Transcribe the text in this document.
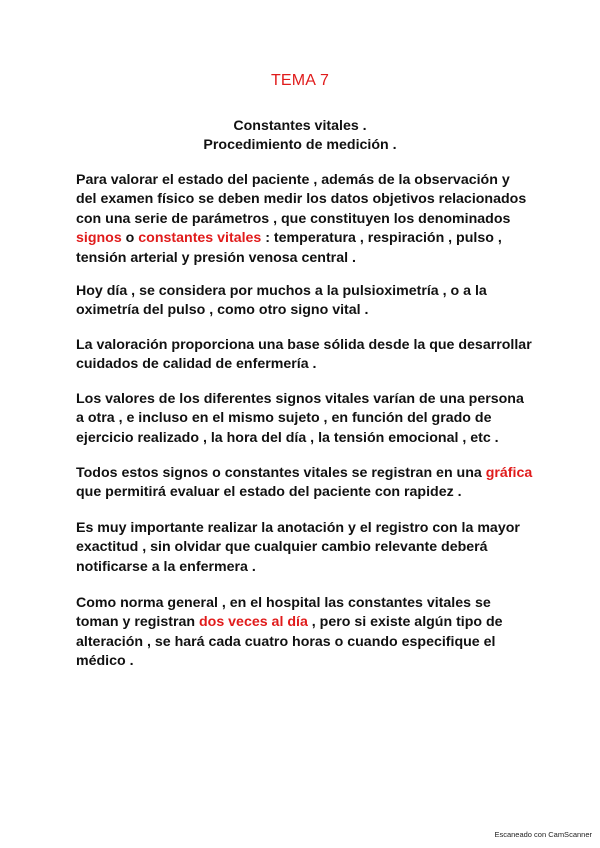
TEMA 7
Constantes vitales .
Procedimiento de medición .
Para valorar el estado del paciente , además de la observación y
del examen físico se deben medir los datos objetivos relacionados
con una serie de parámetros , que constituyen los denominados
signos o constantes vitales : temperatura , respiración , pulso ,
tensión arterial y presión venosa central .
Hoy día , se considera por muchos a la pulsioximetría , o a la
oximetría del pulso , como otro signo vital .
La valoración proporciona una base sólida desde la que desarrollar
cuidados de calidad de enfermería .
Los valores de los diferentes signos vitales varían de una persona
a otra , e incluso en el mismo sujeto , en función del grado de
ejercicio realizado , la hora del día , la tensión emocional , etc .
Todos estos signos o constantes vitales se registran en una gráfica
que permitirá evaluar el estado del paciente con rapidez .
Es muy importante realizar la anotación y el registro con la mayor
exactitud , sin olvidar que cualquier cambio relevante deberá
notificarse a la enfermera .
Como norma general , en el hospital las constantes vitales se
toman y registran dos veces al día , pero si existe algún tipo de
alteración , se hará cada cuatro horas o cuando especifique el
médico .
Escaneado con CamScanner
